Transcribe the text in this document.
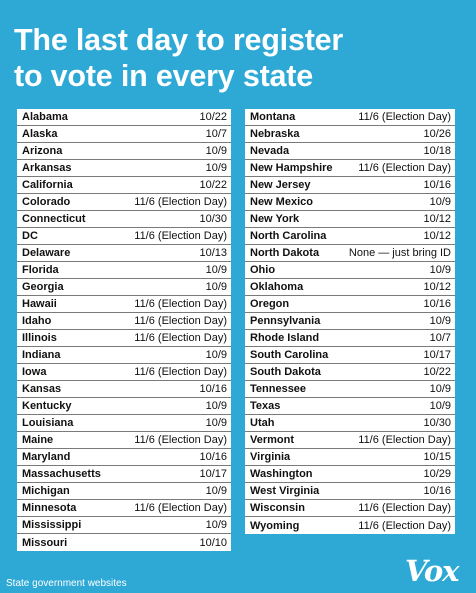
The last day to register
to vote in every state
Alabama	10/22
Alaska	10/7
Arizona	10/9
Arkansas	10/9
California	10/22
Colorado	11/6 (Election Day)
Connecticut	10/30
DC	11/6 (Election Day)
Delaware	10/13
Florida	10/9
Georgia	10/9
Hawaii	11/6 (Election Day)
Idaho	11/6 (Election Day)
Illinois	11/6 (Election Day)
Indiana	10/9
Iowa	11/6 (Election Day)
Kansas	10/16
Kentucky	10/9
Louisiana	10/9
Maine	11/6 (Election Day)
Maryland	10/16
Massachusetts	10/17
Michigan	10/9
Minnesota	11/6 (Election Day)
Mississippi	10/9
Missouri	10/10
Montana	11/6 (Election Day)
Nebraska	10/26
Nevada	10/18
New Hampshire 11/6 (Election Day)
New Jersey	10/16
New Mexico	10/9
New York	10/12
North Carolina	10/12
North Dakota	None — just bring ID
Ohio	10/9
Oklahoma	10/12
Oregon	10/16
Pennsylvania	10/9
Rhode Island	10/7
South Carolina	10/17
South Dakota	10/22
Tennessee	10/9
Texas	10/9
Utah	10/30
Vermont	11/6 (Election Day)
Virginia	10/15
Washington	10/29
West Virginia	10/16
Wisconsin	11/6 (Election Day)
Wyoming	11/6 (Election Day)
State government websites	Vox
